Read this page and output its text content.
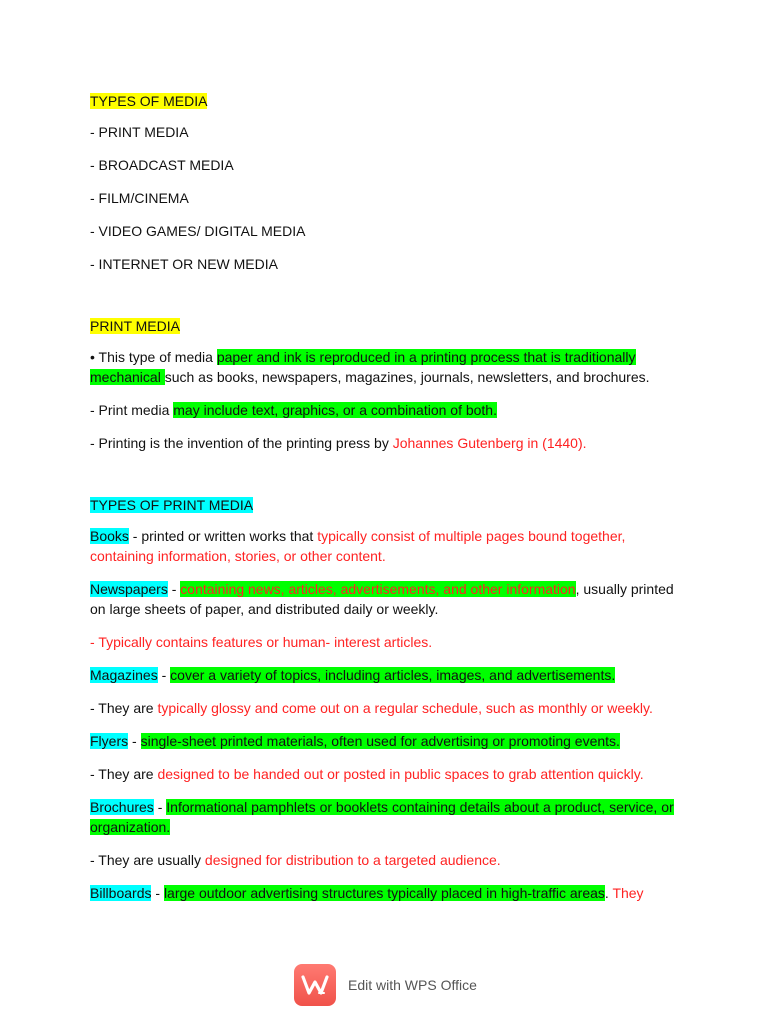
TYPES OF MEDIA

- PRINT MEDIA

- BROADCAST MEDIA

- FILM/CINEMA

- VIDEO GAMES/ DIGITAL MEDIA

- INTERNET OR NEW MEDIA

PRINT MEDIA

• This type of media paper and ink is reproduced in a printing process that is traditionally
mechanical such as books, newspapers, magazines, journals, newsletters, and brochures.

- Print media may include text, graphics, or a combination of both.

- Printing is the invention of the printing press by Johannes Gutenberg in (1440).

TYPES OF PRINT MEDIA

Books - printed or written works that typically consist of multiple pages bound together,
containing information, stories, or other content.

Newspapers - containing news, articles, advertisements, and other information, usually printed
on large sheets of paper, and distributed daily or weekly.

- Typically contains features or human- interest articles.

Magazines - cover a variety of topics, including articles, images, and advertisements.

- They are typically glossy and come out on a regular schedule, such as monthly or weekly.

Flyers - single-sheet printed materials, often used for advertising or promoting events.

- They are designed to be handed out or posted in public spaces to grab attention quickly.

Brochures - Informational pamphlets or booklets containing details about a product, service, or
organization.

- They are usually designed for distribution to a targeted audience.

Billboards - large outdoor advertising structures typically placed in high-traffic areas. They

Edit with WPS Office
